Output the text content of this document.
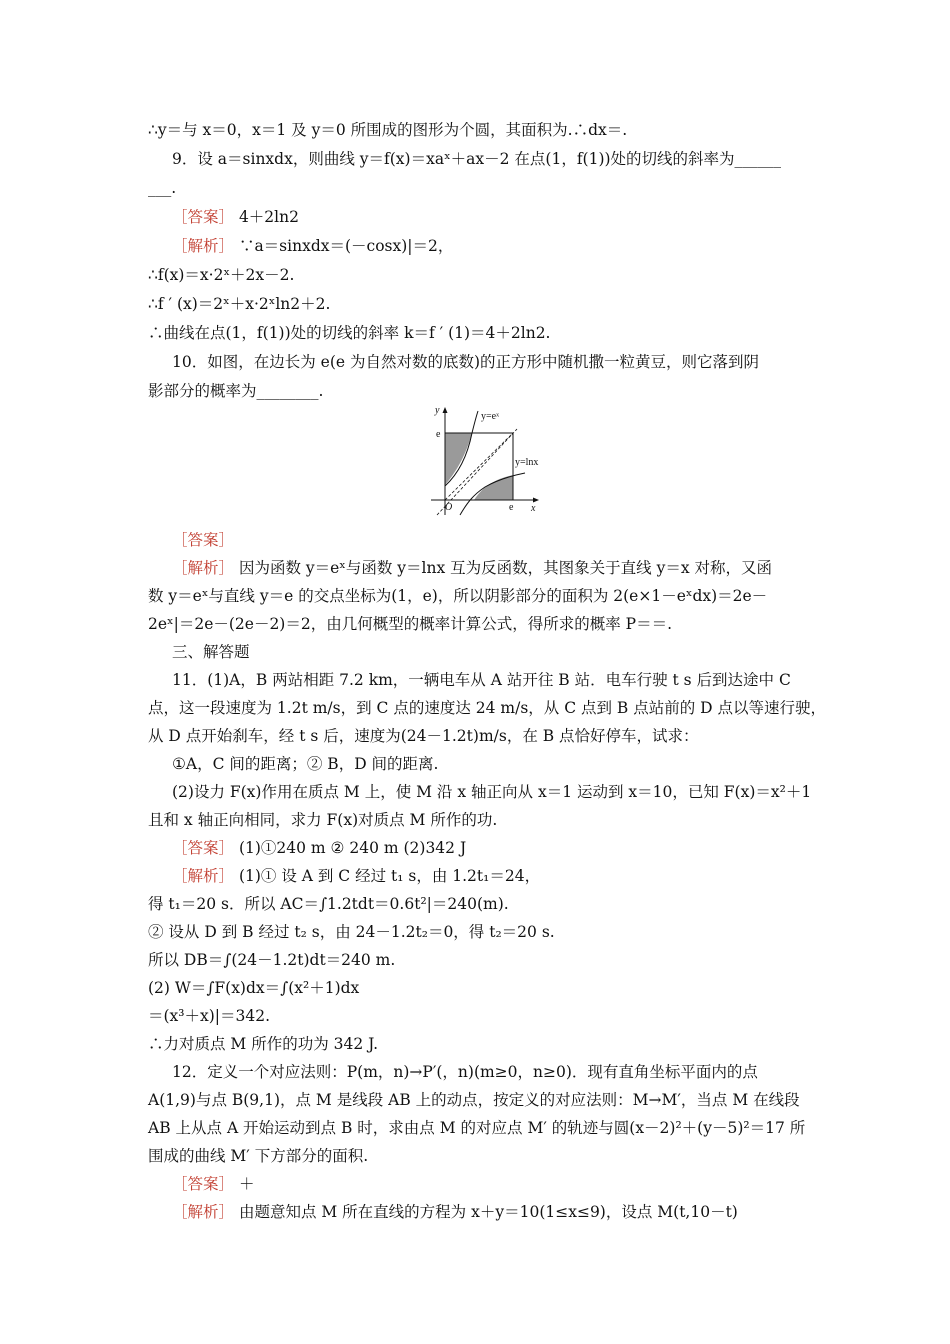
∴y＝与 x＝0，x＝1 及 y＝0 所围成的图形为个圆，其面积为.∴dx＝.
9．设 a＝sinxdx，则曲线 y＝f(x)＝xaˣ＋ax－2 在点(1，f(1))处的切线的斜率为______
___.
［答案］ 4＋2ln2
［解析］ ∵a＝sinxdx＝(－cosx)|＝2，
∴f(x)＝x·2ˣ＋2x－2.
∴f ′ (x)＝2ˣ＋x·2ˣln2＋2.
∴曲线在点(1，f(1))处的切线的斜率 k＝f ′ (1)＝4＋2ln2.
10．如图，在边长为 e(e 为自然对数的底数)的正方形中随机撒一粒黄豆，则它落到阴
影部分的概率为________.
y
e
y=eˣ
y=lnx
O	e x
［答案］
［解析］ 因为函数 y＝eˣ与函数 y＝lnx 互为反函数，其图象关于直线 y＝x 对称，又函
数 y＝eˣ与直线 y＝e 的交点坐标为(1，e)，所以阴影部分的面积为 2(e×1－eˣdx)＝2e－
2eˣ|＝2e－(2e－2)＝2，由几何概型的概率计算公式，得所求的概率 P＝＝.
三、解答题
11．(1)A，B 两站相距 7.2 km，一辆电车从 A 站开往 B 站．电车行驶 t s 后到达途中 C
点，这一段速度为 1.2t m/s，到 C 点的速度达 24 m/s，从 C 点到 B 点站前的 D 点以等速行驶，
从 D 点开始刹车，经 t s 后，速度为(24－1.2t)m/s，在 B 点恰好停车，试求：
①A，C 间的距离；② B，D 间的距离.
(2)设力 F(x)作用在质点 M 上，使 M 沿 x 轴正向从 x＝1 运动到 x＝10，已知 F(x)＝x²＋1
且和 x 轴正向相同，求力 F(x)对质点 M 所作的功.
［答案］ (1)①240 m ② 240 m (2)342 J
［解析］ (1)① 设 A 到 C 经过 t₁ s，由 1.2t₁＝24，
得 t₁＝20 s．所以 AC＝∫1.2tdt＝0.6t²|＝240(m).
② 设从 D 到 B 经过 t₂ s，由 24－1.2t₂＝0，得 t₂＝20 s.
所以 DB＝∫(24－1.2t)dt＝240 m.
(2) W＝∫F(x)dx＝∫(x²＋1)dx
＝(x³＋x)|＝342.
∴力对质点 M 所作的功为 342 J.
12．定义一个对应法则：P(m，n)→P′(，n)(m≥0，n≥0)．现有直角坐标平面内的点
A(1,9)与点 B(9,1)，点 M 是线段 AB 上的动点，按定义的对应法则：M→M′，当点 M 在线段
AB 上从点 A 开始运动到点 B 时，求由点 M 的对应点 M′ 的轨迹与圆(x－2)²＋(y－5)²＝17 所
围成的曲线 M′ 下方部分的面积.
［答案］ ＋
［解析］ 由题意知点 M 所在直线的方程为 x＋y＝10(1≤x≤9)，设点 M(t,10－t)
